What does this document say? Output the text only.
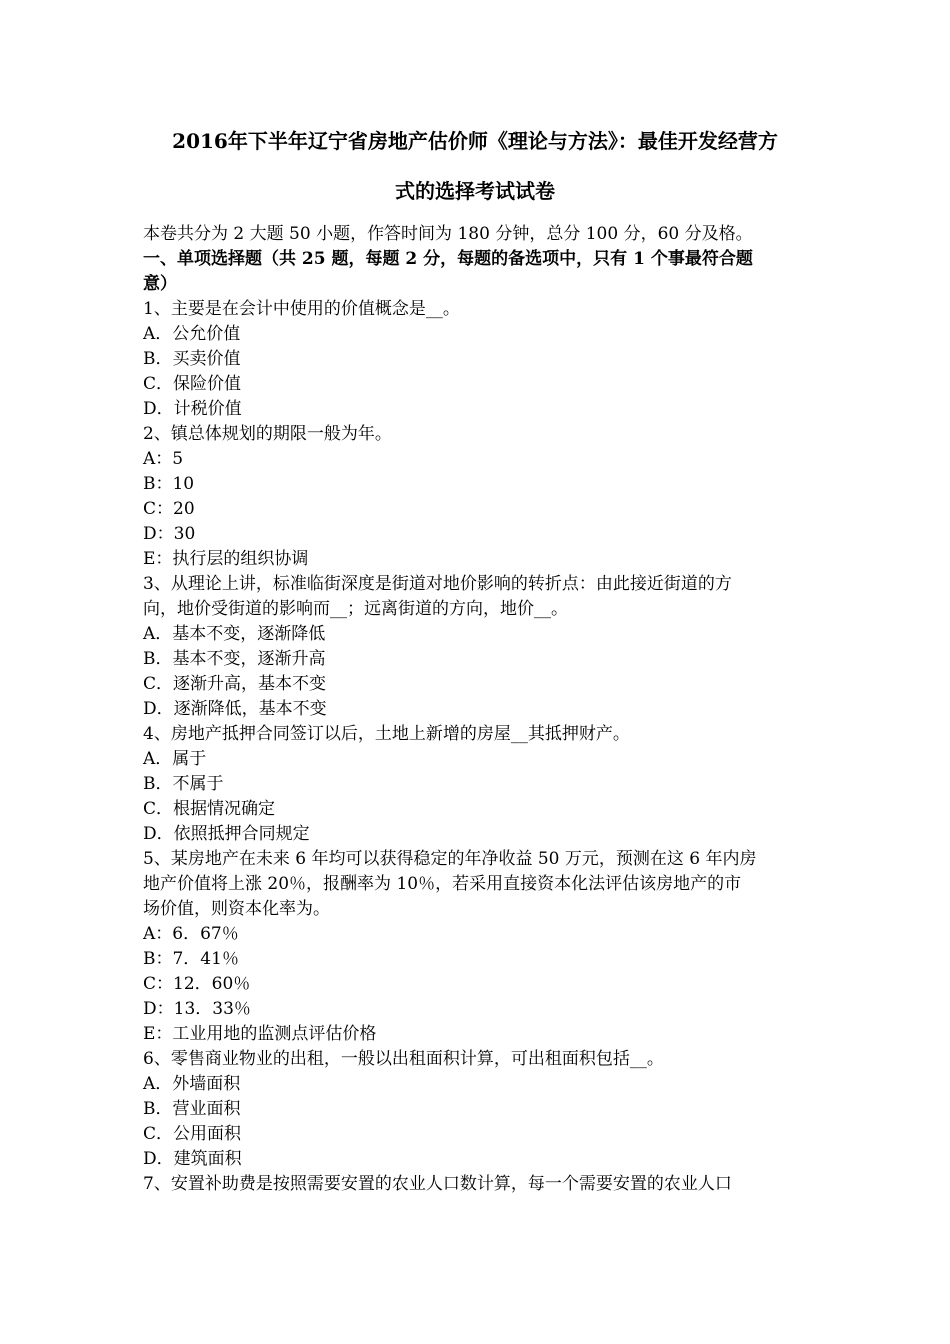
2016年下半年辽宁省房地产估价师《理论与方法》：最佳开发经营方
式的选择考试试卷
本卷共分为 2 大题 50 小题，作答时间为 180 分钟，总分 100 分，60 分及格。
一、单项选择题（共 25 题，每题 2 分，每题的备选项中，只有 1 个事最符合题
意）
1、主要是在会计中使用的价值概念是__。
A．公允价值
B．买卖价值
C．保险价值
D．计税价值
2、镇总体规划的期限一般为年。
A：5
B：10
C：20
D：30
E：执行层的组织协调
3、从理论上讲，标准临街深度是街道对地价影响的转折点：由此接近街道的方
向，地价受街道的影响而__；远离街道的方向，地价__。
A．基本不变，逐渐降低
B．基本不变，逐渐升高
C．逐渐升高，基本不变
D．逐渐降低，基本不变
4、房地产抵押合同签订以后，土地上新增的房屋__其抵押财产。
A．属于
B．不属于
C．根据情况确定
D．依照抵押合同规定
5、某房地产在未来 6 年均可以获得稳定的年净收益 50 万元，预测在这 6 年内房
地产价值将上涨 20％，报酬率为 10％，若采用直接资本化法评估该房地产的市
场价值，则资本化率为。
A：6．67％
B：7．41％
C：12．60％
D：13．33％
E：工业用地的监测点评估价格
6、零售商业物业的出租，一般以出租面积计算，可出租面积包括__。
A．外墙面积
B．营业面积
C．公用面积
D．建筑面积
7、安置补助费是按照需要安置的农业人口数计算，每一个需要安置的农业人口
